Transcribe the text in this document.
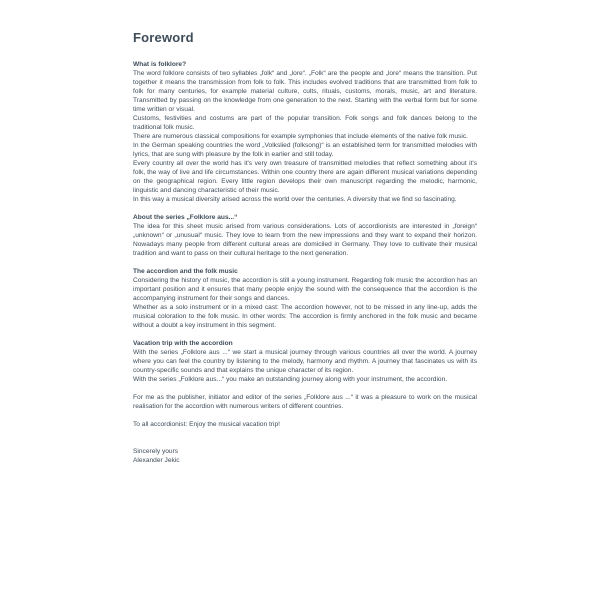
Foreword
What is folklore?

The word folklore consists of two syllables „folk“ and „lore“. „Folk“ are the people and „lore“ means the transition. Put together it means the transmission from folk to folk. This includes evolved traditions that are transmitted from folk to folk for many centuries, for example material culture, cults, rituals, customs, morals, music, art and literature. Transmitted by passing on the knowledge from one generation to the next. Starting with the verbal form but for some time written or visual.

Customs, festivities and costums are part of the popular transition. Folk songs and folk dances belong to the traditional folk music.

There are numerous classical compositions for example symphonies that include elements of the native folk music.

In the German speaking countries the word „Volkslied (folksong)“ is an established term for transmitted melodies with lyrics, that are sung with pleasure by the folk in earlier and still today.

Every country all over the world has it's very own treasure of transmitted melodies that reflect something about it's folk, the way of live and life circumstances. Within one country there are again different musical variations depending on the geographical region. Every little region develops their own manuscript regarding the melodic, harmonic, linguistic and dancing characteristic of their music.

In this way a musical diversity arised across the world over the centuries. A diversity that we find so fascinating.

About the series „Folklore aus...“

The idea for this sheet music arised from various considerations. Lots of accordionists are interested in „foreign“ „unknown“ or „unusual“ music. They love to learn from the new impressions and they want to expand their horizon. Nowadays many people from different cultural areas are domiciled in Germany. They love to cultivate their musical tradition and want to pass on their cultural heritage to the next generation.

The accordion and the folk music

Considering the history of music, the accordion is still a young instrument. Regarding folk music the accordion has an important position and it ensures that many people enjoy the sound with the consequence that the accordion is the accompanying instrument for their songs and dances.

Whether as a solo instrument or in a mixed cast: The accordion however, not to be missed in any line-up, adds the musical coloration to the folk music. In other words: The accordion is firmly anchored in the folk music and became without a doubt a key instrument in this segment.

Vacation trip with the accordion

With the series „Folklore aus ...“ we start a musical journey through various countries all over the world. A journey where you can feel the country by listening to the melody, harmony and rhythm. A journey that fascinates us with its country-specific sounds and that explains the unique character of its region.

With the series „Folklore aus...“ you make an outstanding journey along with your instrument, the accordion.

For me as the publisher, initiator and editor of the series „Folklore aus ...“ it was a pleasure to work on the musical realisation for the accordion with numerous writers of different countries.

To all accordionist: Enjoy the musical vacation trip!

Sincerely yours

Alexander Jekic
